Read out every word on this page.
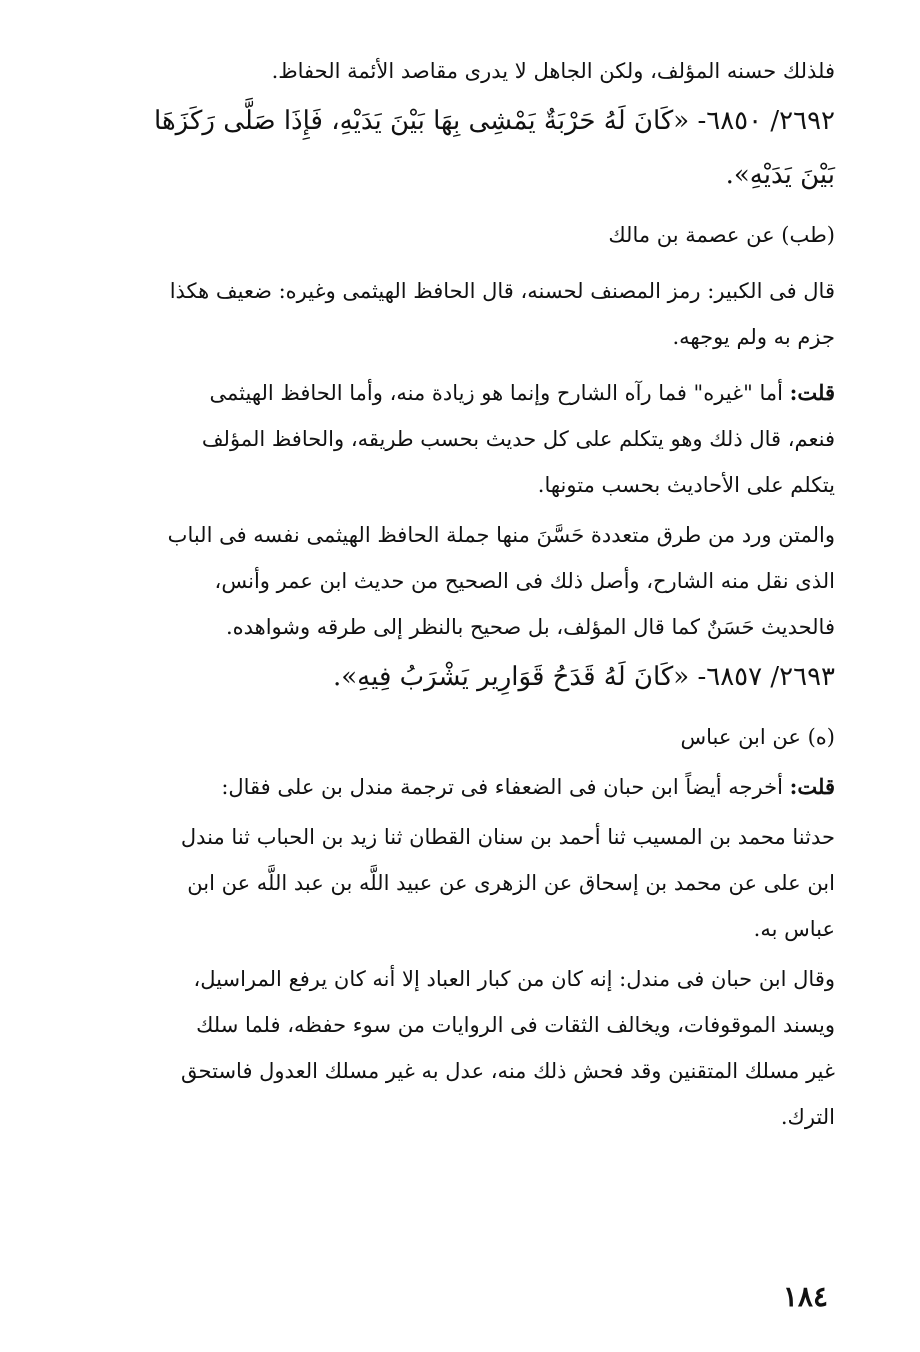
فلذلك حسنه المؤلف، ولكن الجاهل لا يدرى مقاصد الأئمة الحفاظ.
٢٦٩٢/ ٦٨٥٠- «كَانَ لَهُ حَرْبَةٌ يَمْشِى بِهَا بَيْنَ يَدَيْهِ، فَإِذَا صَلَّى رَكَزَهَا
بَيْنَ يَدَيْهِ».
(طب) عن عصمة بن مالك
قال فى الكبير: رمز المصنف لحسنه، قال الحافظ الهيثمى وغيره: ضعيف هكذا
جزم به ولم يوجهه.
قلت: أما "غيره" فما رآه الشارح وإنما هو زيادة منه، وأما الحافظ الهيثمى
فنعم، قال ذلك وهو يتكلم على كل حديث بحسب طريقه، والحافظ المؤلف
يتكلم على الأحاديث بحسب متونها.
والمتن ورد من طرق متعددة حَسَّنَ منها جملة الحافظ الهيثمى نفسه فى الباب
الذى نقل منه الشارح، وأصل ذلك فى الصحيح من حديث ابن عمر وأنس،
فالحديث حَسَنٌ كما قال المؤلف، بل صحيح بالنظر إلى طرقه وشواهده.
٢٦٩٣/ ٦٨٥٧- «كَانَ لَهُ قَدَحُ قَوَارِير يَشْرَبُ فِيهِ».
(ه) عن ابن عباس
قلت: أخرجه أيضاً ابن حبان فى الضعفاء فى ترجمة مندل بن على فقال:
حدثنا محمد بن المسيب ثنا أحمد بن سنان القطان ثنا زيد بن الحباب ثنا مندل
ابن على عن محمد بن إسحاق عن الزهرى عن عبيد اللَّه بن عبد اللَّه عن ابن
عباس به.
وقال ابن حبان فى مندل: إنه كان من كبار العباد إلا أنه كان يرفع المراسيل،
ويسند الموقوفات، ويخالف الثقات فى الروايات من سوء حفظه، فلما سلك
غير مسلك المتقنين وقد فحش ذلك منه، عدل به غير مسلك العدول فاستحق
الترك.
١٨٤
